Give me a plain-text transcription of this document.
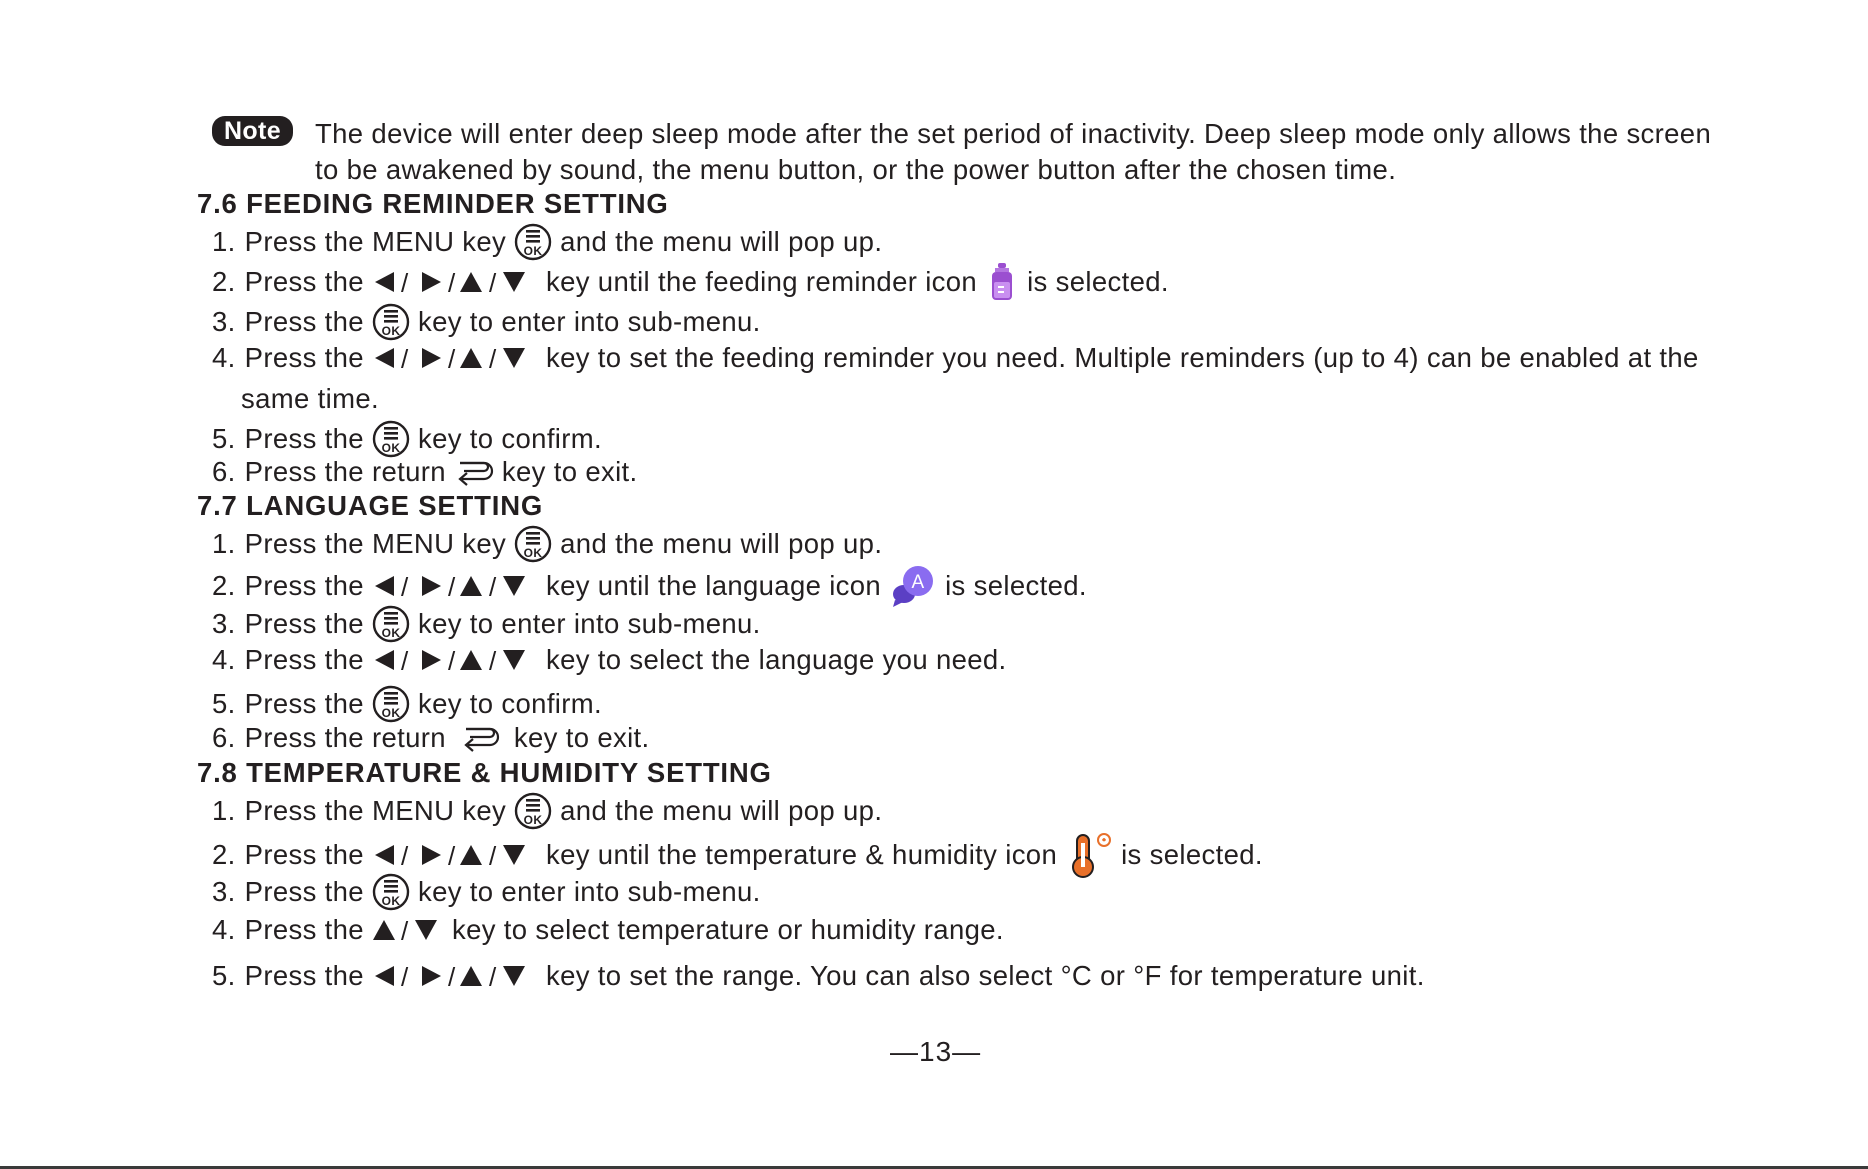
Note	The device will enter deep sleep mode after the set period of inactivity. Deep sleep mode only allows the screen to be awakened by sound, the menu button, or the power button after the chosen time.
7.6 FEEDING REMINDER SETTING
1. Press the MENU key OK and the menu will pop up.
2. Press the / / / key until the feeding reminder icon is selected.
3. Press the OK key to enter into sub-menu.
4. Press the / / / key to set the feeding reminder you need. Multiple reminders (up to 4) can be enabled at the
same time.
5. Press the OK key to confirm.
6. Press the return key to exit.
7.7 LANGUAGE SETTING
1. Press the MENU key OK and the menu will pop up.
2. Press the / / / key until the language icon A is selected.
3. Press the OK key to enter into sub-menu.
4. Press the / / / key to select the language you need.
5. Press the OK key to confirm.
6. Press the return key to exit.
7.8 TEMPERATURE & HUMIDITY SETTING
1. Press the MENU key OK and the menu will pop up.
2. Press the / / / key until the temperature & humidity icon is selected.
3. Press the OK key to enter into sub-menu.
4. Press the / key to select temperature or humidity range.
5. Press the / / / key to set the range. You can also select °C or °F for temperature unit.
—13—
